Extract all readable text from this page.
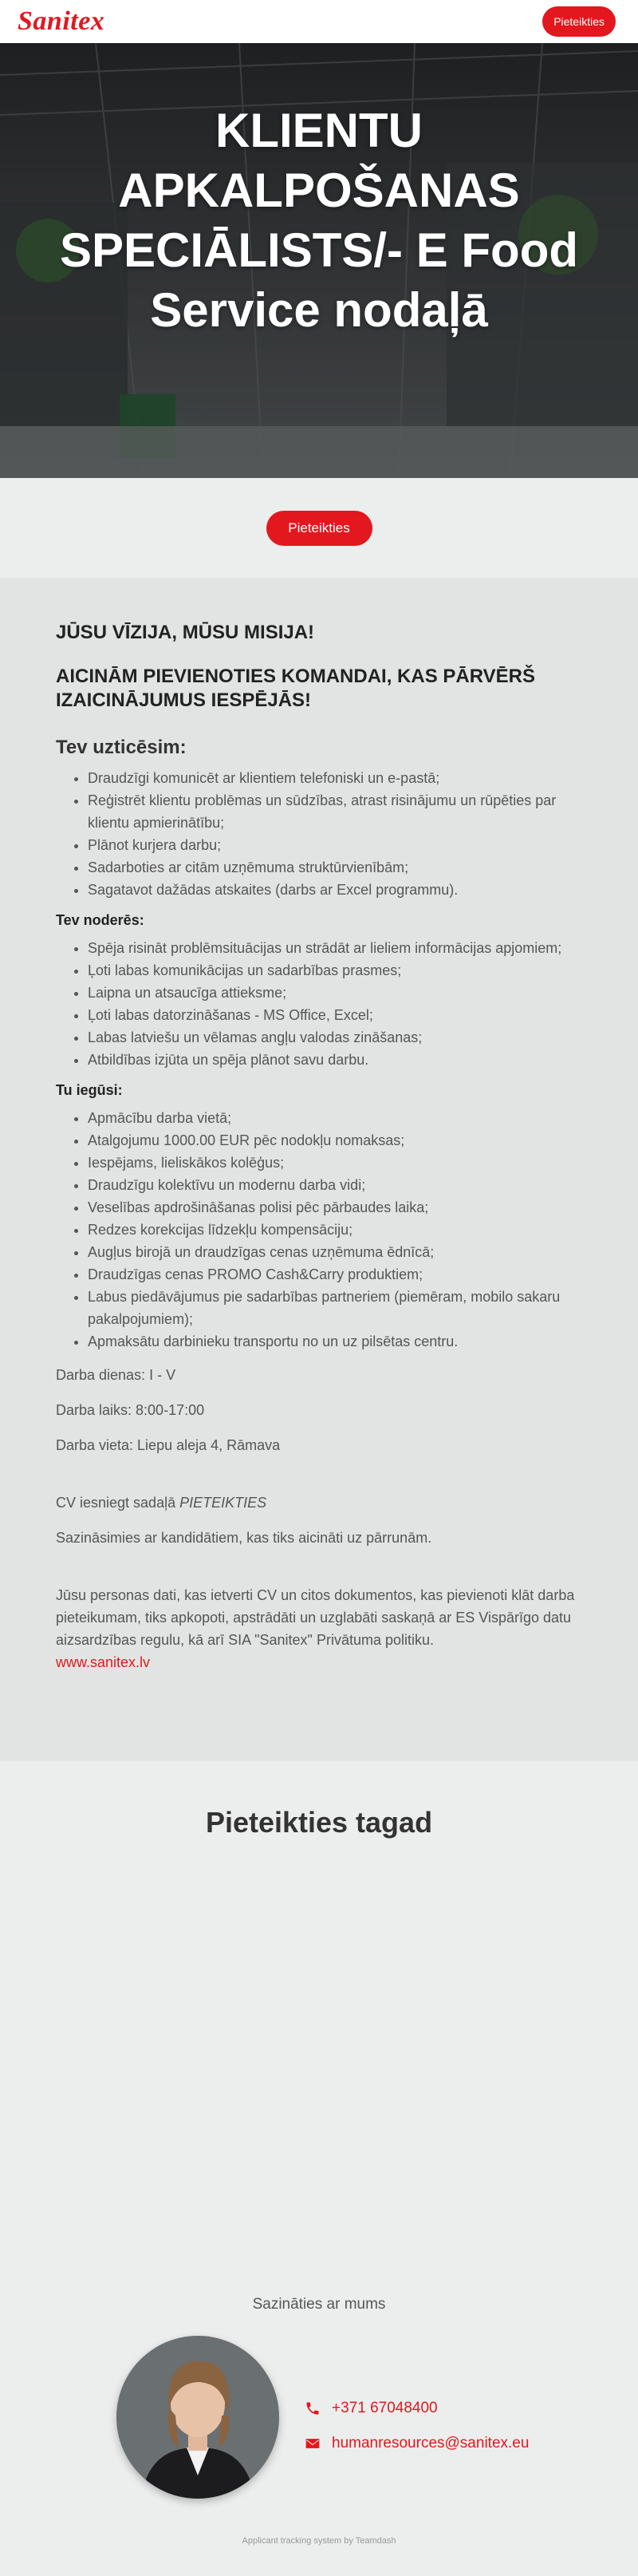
Sanitex	Pieteikties
KLIENTU APKALPOŠANAS SPECIĀLISTS/- E Food Service nodaļā
Pieteikties
JŪSU VĪZIJA, MŪSU MISIJA!
AICINĀM PIEVIENOTIES KOMANDAI, KAS PĀRVĒRŠ IZAICINĀJUMUS IESPĒJĀS!
Tev uzticēsim:
• Draudzīgi komunicēt ar klientiem telefoniski un e-pastā;
• Reģistrēt klientu problēmas un sūdzības, atrast risinājumu un rūpēties par klientu apmierinātību;
• Plānot kurjera darbu;
• Sadarboties ar citām uzņēmuma struktūrvienībām;
• Sagatavot dažādas atskaites (darbs ar Excel programmu).
Tev noderēs:
• Spēja risināt problēmsituācijas un strādāt ar lieliem informācijas apjomiem;
• Ļoti labas komunikācijas un sadarbības prasmes;
• Laipna un atsaucīga attieksme;
• Ļoti labas datorzināšanas - MS Office, Excel;
• Labas latviešu un vēlamas angļu valodas zināšanas;
• Atbildības izjūta un spēja plānot savu darbu.
Tu iegūsi:
• Apmācību darba vietā;
• Atalgojumu 1000.00 EUR pēc nodokļu nomaksas;
• Iespējams, lieliskākos kolēģus;
• Draudzīgu kolektīvu un modernu darba vidi;
• Veselības apdrošināšanas polisi pēc pārbaudes laika;
• Redzes korekcijas līdzekļu kompensāciju;
• Augļus birojā un draudzīgas cenas uzņēmuma ēdnīcā;
• Draudzīgas cenas PROMO Cash&Carry produktiem;
• Labus piedāvājumus pie sadarbības partneriem (piemēram, mobilo sakaru pakalpojumiem);
• Apmaksātu darbinieku transportu no un uz pilsētas centru.

Darba dienas: I - V

Darba laiks: 8:00-17:00

Darba vieta: Liepu aleja 4, Rāmava

CV iesniegt sadaļā PIETEIKTIES

Sazināsimies ar kandidātiem, kas tiks aicināti uz pārrunām.

Jūsu personas dati, kas ietverti CV un citos dokumentos, kas pievienoti klāt darba pieteikumam, tiks apkopoti, apstrādāti un uzglabāti saskaņā ar ES Vispārīgo datu aizsardzības regulu, kā arī SIA "Sanitex" Privātuma politiku.

www.sanitex.lv

Pieteikties tagad
Sazināties ar mums
+371 67048400
humanresources@sanitex.eu
Applicant tracking system by Teamdash
